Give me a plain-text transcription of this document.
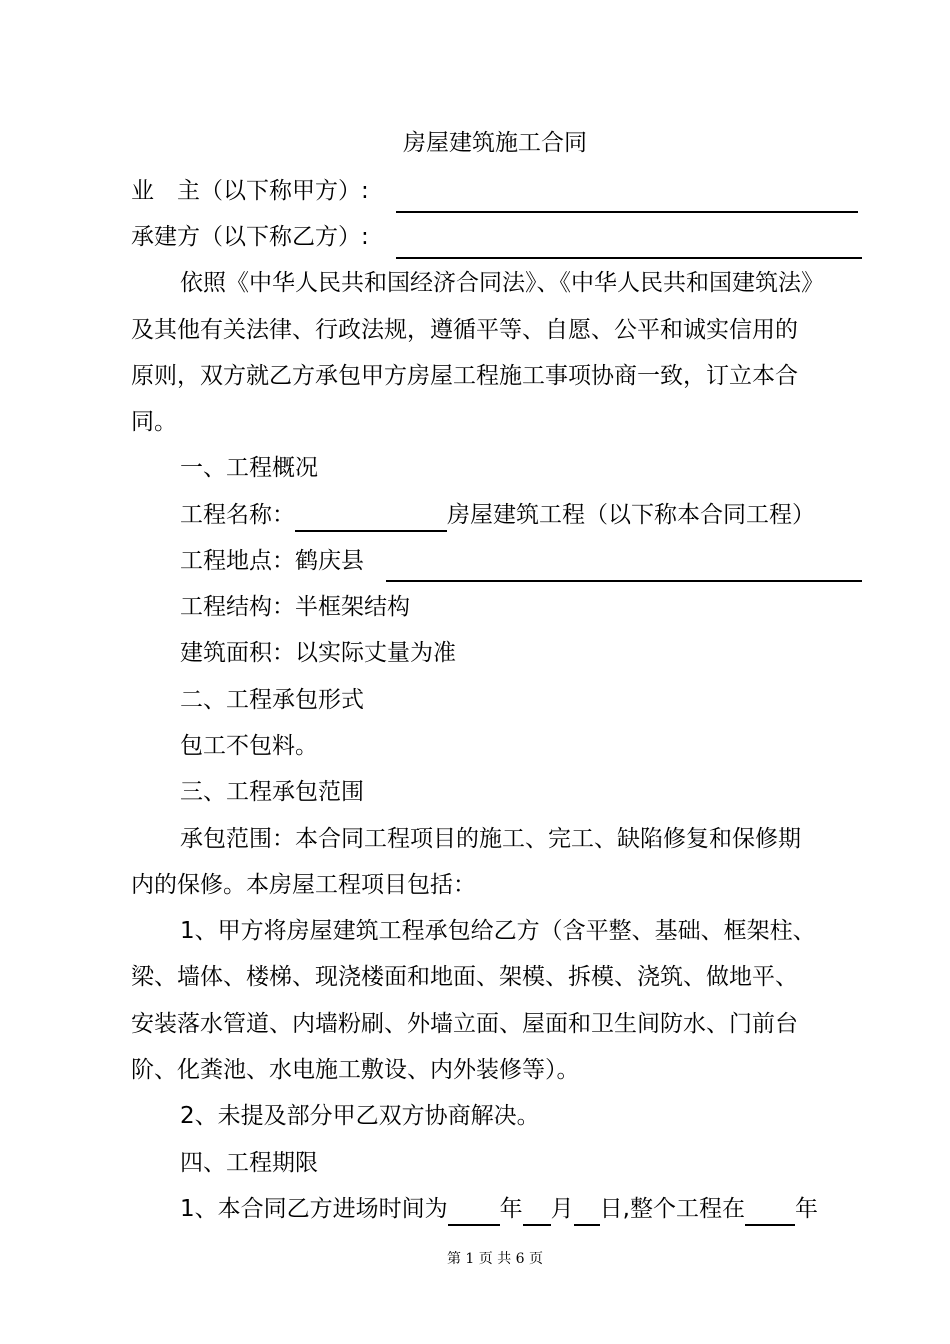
房屋建筑施工合同
业　主（以下称甲方）:
承建方（以下称乙方）:
依照《中华人民共和国经济合同法》、《中华人民共和国建筑法》
及其他有关法律、行政法规，遵循平等、自愿、公平和诚实信用的
原则，双方就乙方承包甲方房屋工程施工事项协商一致，订立本合
同。
一、工程概况
工程名称：	房屋建筑工程（以下称本合同工程）
工程地点：鹤庆县
工程结构：半框架结构
建筑面积：以实际丈量为准
二、工程承包形式
包工不包料。
三、工程承包范围
承包范围：本合同工程项目的施工、完工、缺陷修复和保修期
内的保修。本房屋工程项目包括：
1、甲方将房屋建筑工程承包给乙方（含平整、基础、框架柱、
梁、墙体、楼梯、现浇楼面和地面、架模、拆模、浇筑、做地平、
安装落水管道、内墙粉刷、外墙立面、屋面和卫生间防水、门前台
阶、化粪池、水电施工敷设、内外装修等）。
2、未提及部分甲乙双方协商解决。
四、工程期限
1、本合同乙方进场时间为 年 月 日,整个工程在 年
第 1 页 共 6 页
